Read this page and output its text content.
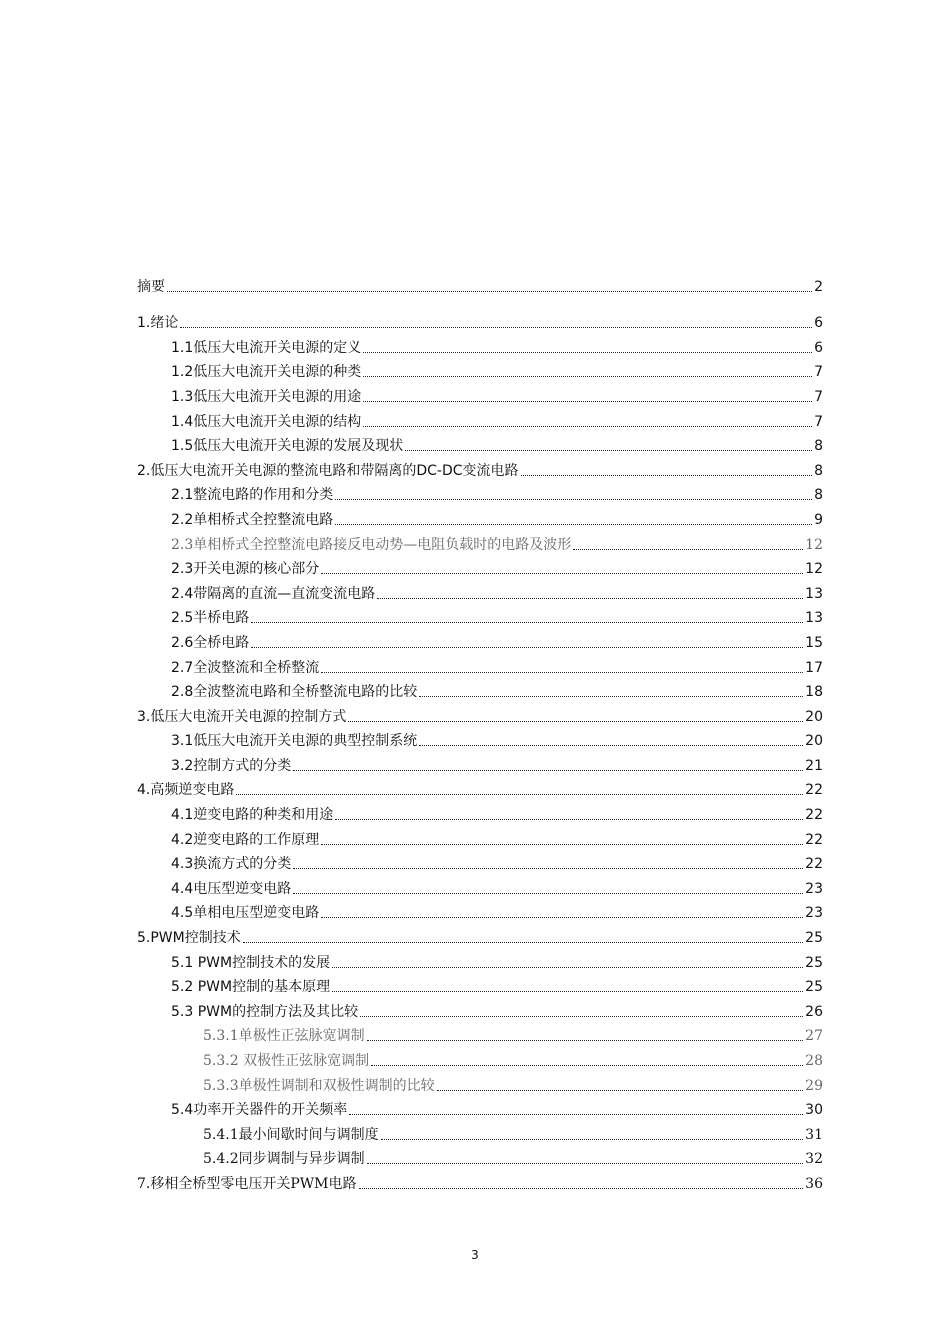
摘要	2
1.绪论	6
1.1低压大电流开关电源的定义	6
1.2低压大电流开关电源的种类	7
1.3低压大电流开关电源的用途	7
1.4低压大电流开关电源的结构	7
1.5低压大电流开关电源的发展及现状	8
2.低压大电流开关电源的整流电路和带隔离的DC-DC变流电路	8
2.1整流电路的作用和分类	8
2.2单相桥式全控整流电路	9
2.3单相桥式全控整流电路接反电动势—电阻负载时的电路及波形	12
2.3开关电源的核心部分	12
2.4带隔离的直流—直流变流电路	13
2.5半桥电路	13
2.6全桥电路	15
2.7全波整流和全桥整流	17
2.8全波整流电路和全桥整流电路的比较	18
3.低压大电流开关电源的控制方式	20
3.1低压大电流开关电源的典型控制系统	20
3.2控制方式的分类	21
4.高频逆变电路	22
4.1逆变电路的种类和用途	22
4.2逆变电路的工作原理	22
4.3换流方式的分类	22
4.4电压型逆变电路	23
4.5单相电压型逆变电路	23
5.PWM控制技术	25
5.1 PWM控制技术的发展	25
5.2 PWM控制的基本原理	25
5.3 PWM的控制方法及其比较	26
5.3.1单极性正弦脉宽调制	27
5.3.2 双极性正弦脉宽调制	28
5.3.3单极性调制和双极性调制的比较	29
5.4功率开关器件的开关频率	30
5.4.1最小间歇时间与调制度	31
5.4.2同步调制与异步调制	32
7.移相全桥型零电压开关PWM电路	36
3
